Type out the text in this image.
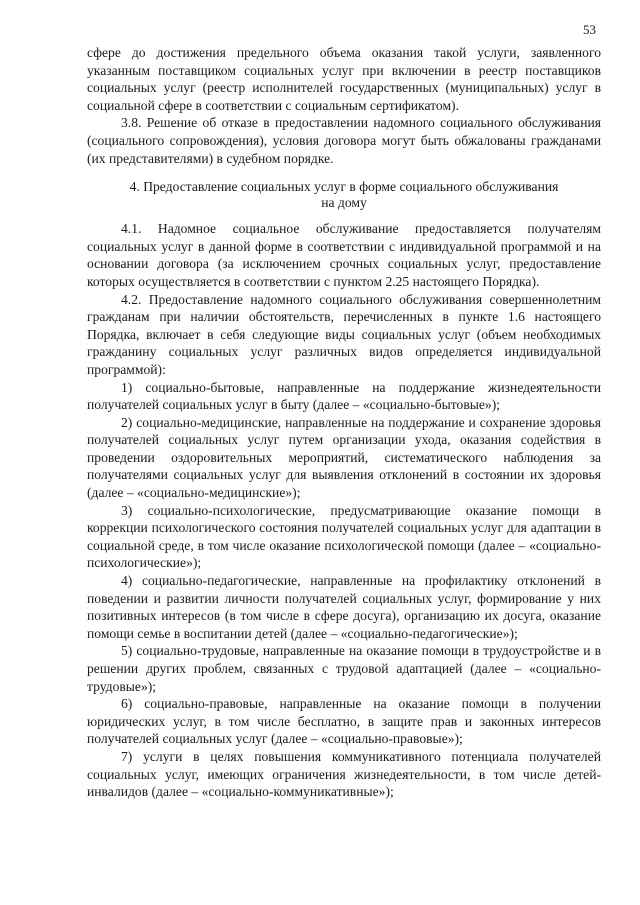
53

сфере до достижения предельного объема оказания такой услуги, заявленного указанным поставщиком социальных услуг при включении в реестр поставщиков социальных услуг (реестр исполнителей государственных (муниципальных) услуг в социальной сфере в соответствии с социальным сертификатом).

3.8. Решение об отказе в предоставлении надомного социального обслуживания (социального сопровождения), условия договора могут быть обжалованы гражданами (их представителями) в судебном порядке.

4. Предоставление социальных услуг в форме социального обслуживания на дому

4.1. Надомное социальное обслуживание предоставляется получателям социальных услуг в данной форме в соответствии с индивидуальной программой и на основании договора (за исключением срочных социальных услуг, предоставление которых осуществляется в соответствии с пунктом 2.25 настоящего Порядка).

4.2. Предоставление надомного социального обслуживания совершеннолетним гражданам при наличии обстоятельств, перечисленных в пункте 1.6 настоящего Порядка, включает в себя следующие виды социальных услуг (объем необходимых гражданину социальных услуг различных видов определяется индивидуальной программой):

1) социально-бытовые, направленные на поддержание жизнедеятельности получателей социальных услуг в быту (далее – «социально-бытовые»);

2) социально-медицинские, направленные на поддержание и сохранение здоровья получателей социальных услуг путем организации ухода, оказания содействия в проведении оздоровительных мероприятий, систематического наблюдения за получателями социальных услуг для выявления отклонений в состоянии их здоровья (далее – «социально-медицинские»);

3) социально-психологические, предусматривающие оказание помощи в коррекции психологического состояния получателей социальных услуг для адаптации в социальной среде, в том числе оказание психологической помощи (далее – «социально-психологические»);

4) социально-педагогические, направленные на профилактику отклонений в поведении и развитии личности получателей социальных услуг, формирование у них позитивных интересов (в том числе в сфере досуга), организацию их досуга, оказание помощи семье в воспитании детей (далее – «социально-педагогические»);

5) социально-трудовые, направленные на оказание помощи в трудоустройстве и в решении других проблем, связанных с трудовой адаптацией (далее – «социально-трудовые»);

6) социально-правовые, направленные на оказание помощи в получении юридических услуг, в том числе бесплатно, в защите прав и законных интересов получателей социальных услуг (далее – «социально-правовые»);

7) услуги в целях повышения коммуникативного потенциала получателей социальных услуг, имеющих ограничения жизнедеятельности, в том числе детей-инвалидов (далее – «социально-коммуникативные»);
